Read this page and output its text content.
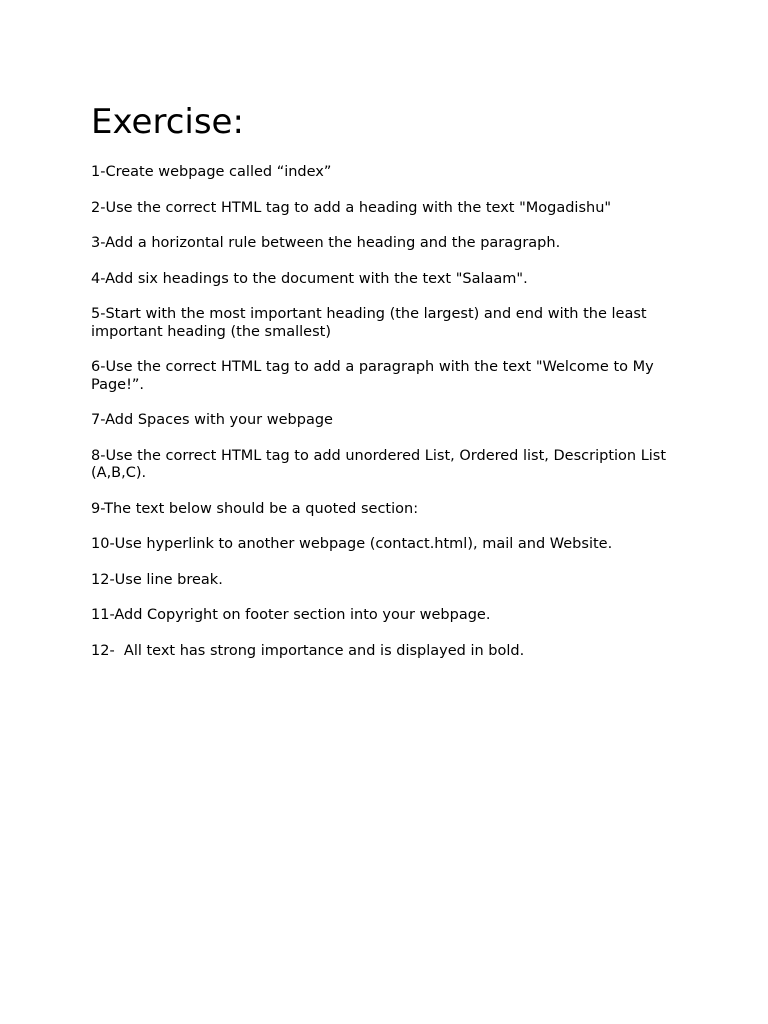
Exercise:
1-Create webpage called “index”
2-Use the correct HTML tag to add a heading with the text "Mogadishu"
3-Add a horizontal rule between the heading and the paragraph.
4-Add six headings to the document with the text "Salaam".
5-Start with the most important heading (the largest) and end with the least important heading (the smallest)
6-Use the correct HTML tag to add a paragraph with the text "Welcome to My Page!”.
7-Add Spaces with your webpage
8-Use the correct HTML tag to add unordered List, Ordered list, Description List (A,B,C).
9-The text below should be a quoted section:
10-Use hyperlink to another webpage (contact.html), mail and Website.
12-Use line break.
11-Add Copyright on footer section into your webpage.
12-  All text has strong importance and is displayed in bold.
